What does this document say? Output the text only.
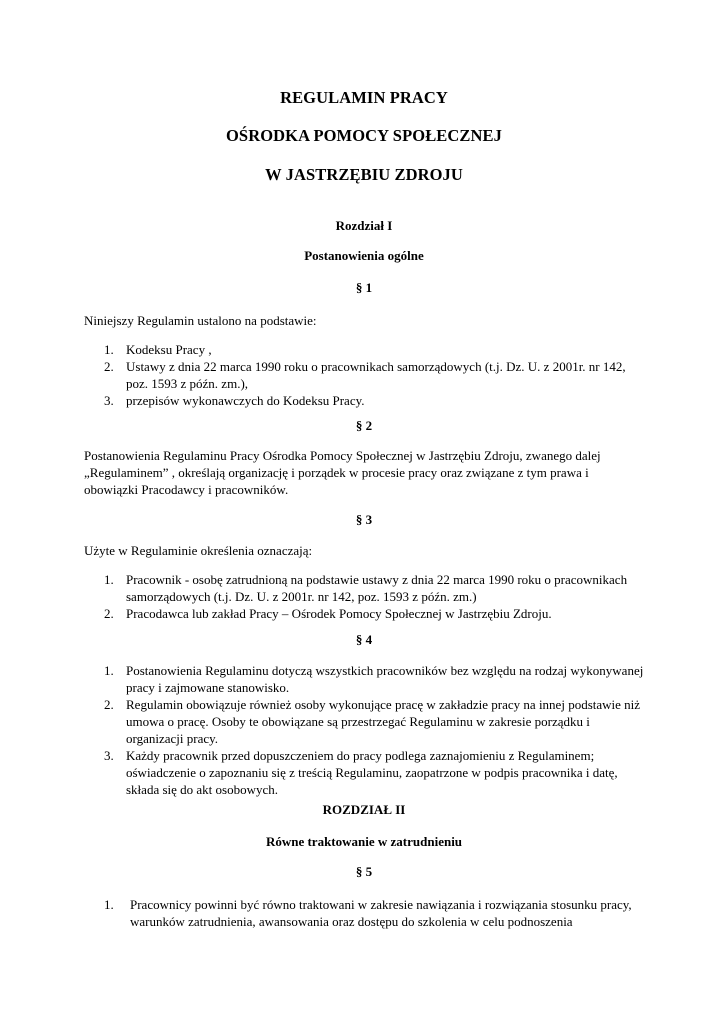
REGULAMIN PRACY
OŚRODKA POMOCY SPOŁECZNEJ
W JASTRZĘBIU ZDROJU

Rozdział I

Postanowienia ogólne

§ 1

Niniejszy Regulamin ustalono na podstawie:

1. Kodeksu Pracy ,
2. Ustawy z dnia 22 marca 1990 roku o pracownikach samorządowych (t.j. Dz. U. z 2001r. nr 142, poz. 1593 z późn. zm.),
3. przepisów wykonawczych do Kodeksu Pracy.

§ 2

Postanowienia Regulaminu Pracy Ośrodka Pomocy Społecznej w Jastrzębiu Zdroju, zwanego dalej „Regulaminem” , określają organizację i porządek w procesie pracy oraz związane z tym prawa i obowiązki Pracodawcy i pracowników.

§ 3

Użyte w Regulaminie określenia oznaczają:

1. Pracownik - osobę zatrudnioną na podstawie ustawy z dnia 22 marca 1990 roku o pracownikach samorządowych (t.j. Dz. U. z 2001r. nr 142, poz. 1593 z późn. zm.)
2. Pracodawca lub zakład Pracy – Ośrodek Pomocy Społecznej w Jastrzębiu Zdroju.

§ 4

1. Postanowienia Regulaminu dotyczą wszystkich pracowników bez względu na rodzaj wykonywanej pracy i zajmowane stanowisko.
2. Regulamin obowiązuje również osoby wykonujące pracę w zakładzie pracy na innej podstawie niż umowa o pracę. Osoby te obowiązane są przestrzegać Regulaminu w zakresie porządku i organizacji pracy.
3. Każdy pracownik przed dopuszczeniem do pracy podlega zaznajomieniu z Regulaminem; oświadczenie o zapoznaniu się z treścią Regulaminu, zaopatrzone w podpis pracownika i datę, składa się do akt osobowych.

ROZDZIAŁ II

Równe traktowanie w zatrudnieniu

§ 5

1. Pracownicy powinni być równo traktowani w zakresie nawiązania i rozwiązania stosunku pracy, warunków zatrudnienia, awansowania oraz dostępu do szkolenia w celu podnoszenia
